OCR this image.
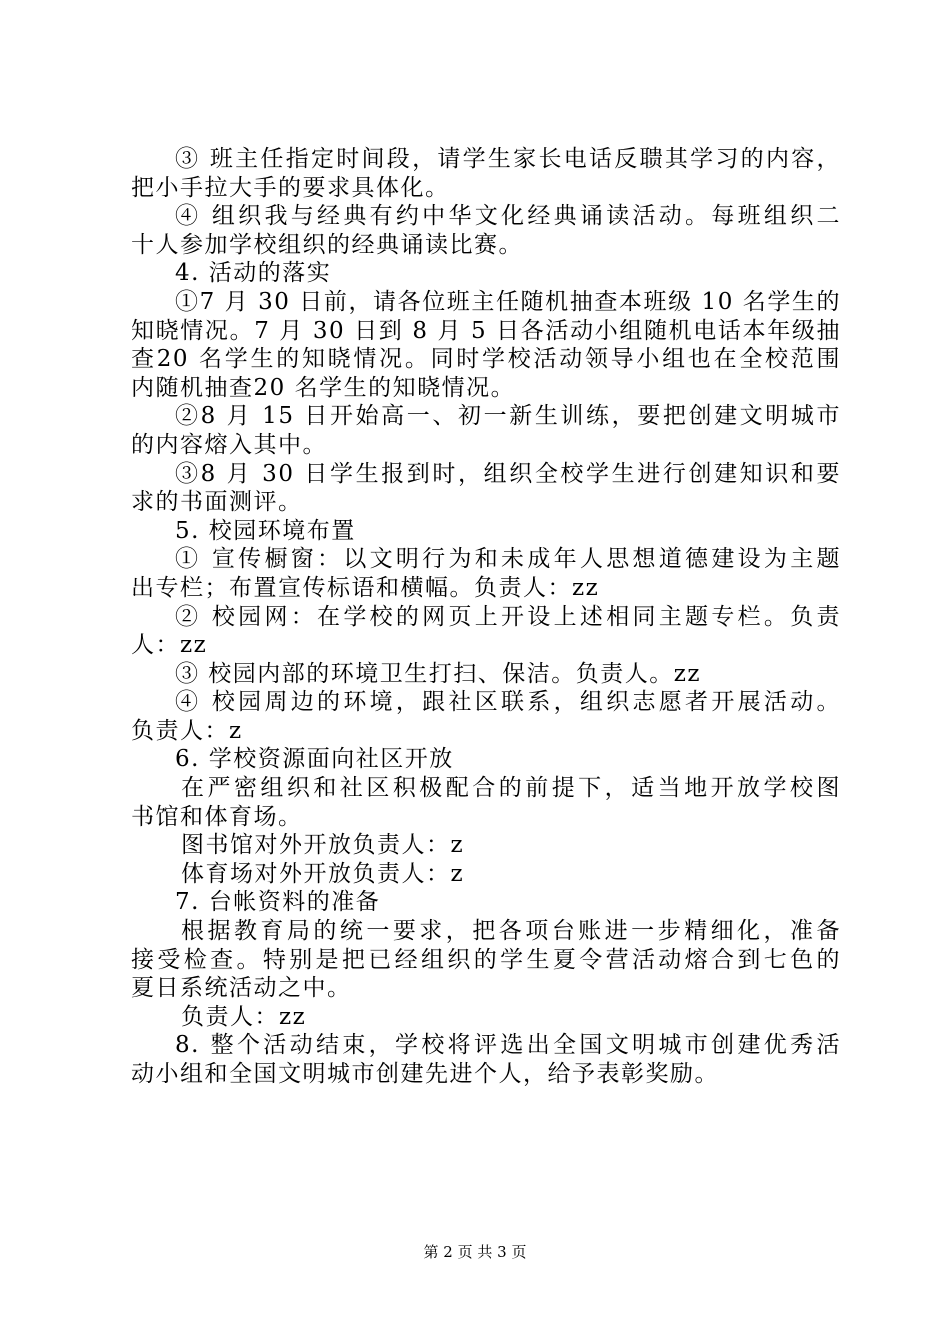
③ 班主任指定时间段，请学生家长电话反聩其学习的内容，
把小手拉大手的要求具体化。
④ 组织我与经典有约中华文化经典诵读活动。每班组织二
十人参加学校组织的经典诵读比赛。
4. 活动的落实
①7 月 30 日前，请各位班主任随机抽查本班级 10 名学生的
知晓情况。7 月 30 日到 8 月 5 日各活动小组随机电话本年级抽
查20 名学生的知晓情况。同时学校活动领导小组也在全校范围
内随机抽查20 名学生的知晓情况。
②8 月 15 日开始高一、初一新生训练，要把创建文明城市
的内容熔入其中。
③8 月 30 日学生报到时，组织全校学生进行创建知识和要
求的书面测评。
5. 校园环境布置
① 宣传橱窗：以文明行为和未成年人思想道德建设为主题
出专栏；布置宣传标语和横幅。负责人：zz
② 校园网：在学校的网页上开设上述相同主题专栏。负责
人：zz
③ 校园内部的环境卫生打扫、保洁。负责人。zz
④ 校园周边的环境，跟社区联系，组织志愿者开展活动。
负责人：z
6. 学校资源面向社区开放
在严密组织和社区积极配合的前提下，适当地开放学校图
书馆和体育场。
图书馆对外开放负责人：z
体育场对外开放负责人：z
7. 台帐资料的准备
根据教育局的统一要求，把各项台账进一步精细化，准备
接受检查。特别是把已经组织的学生夏令营活动熔合到七色的
夏日系统活动之中。
负责人：zz
8. 整个活动结束，学校将评选出全国文明城市创建优秀活
动小组和全国文明城市创建先进个人，给予表彰奖励。
第 2 页 共 3 页
